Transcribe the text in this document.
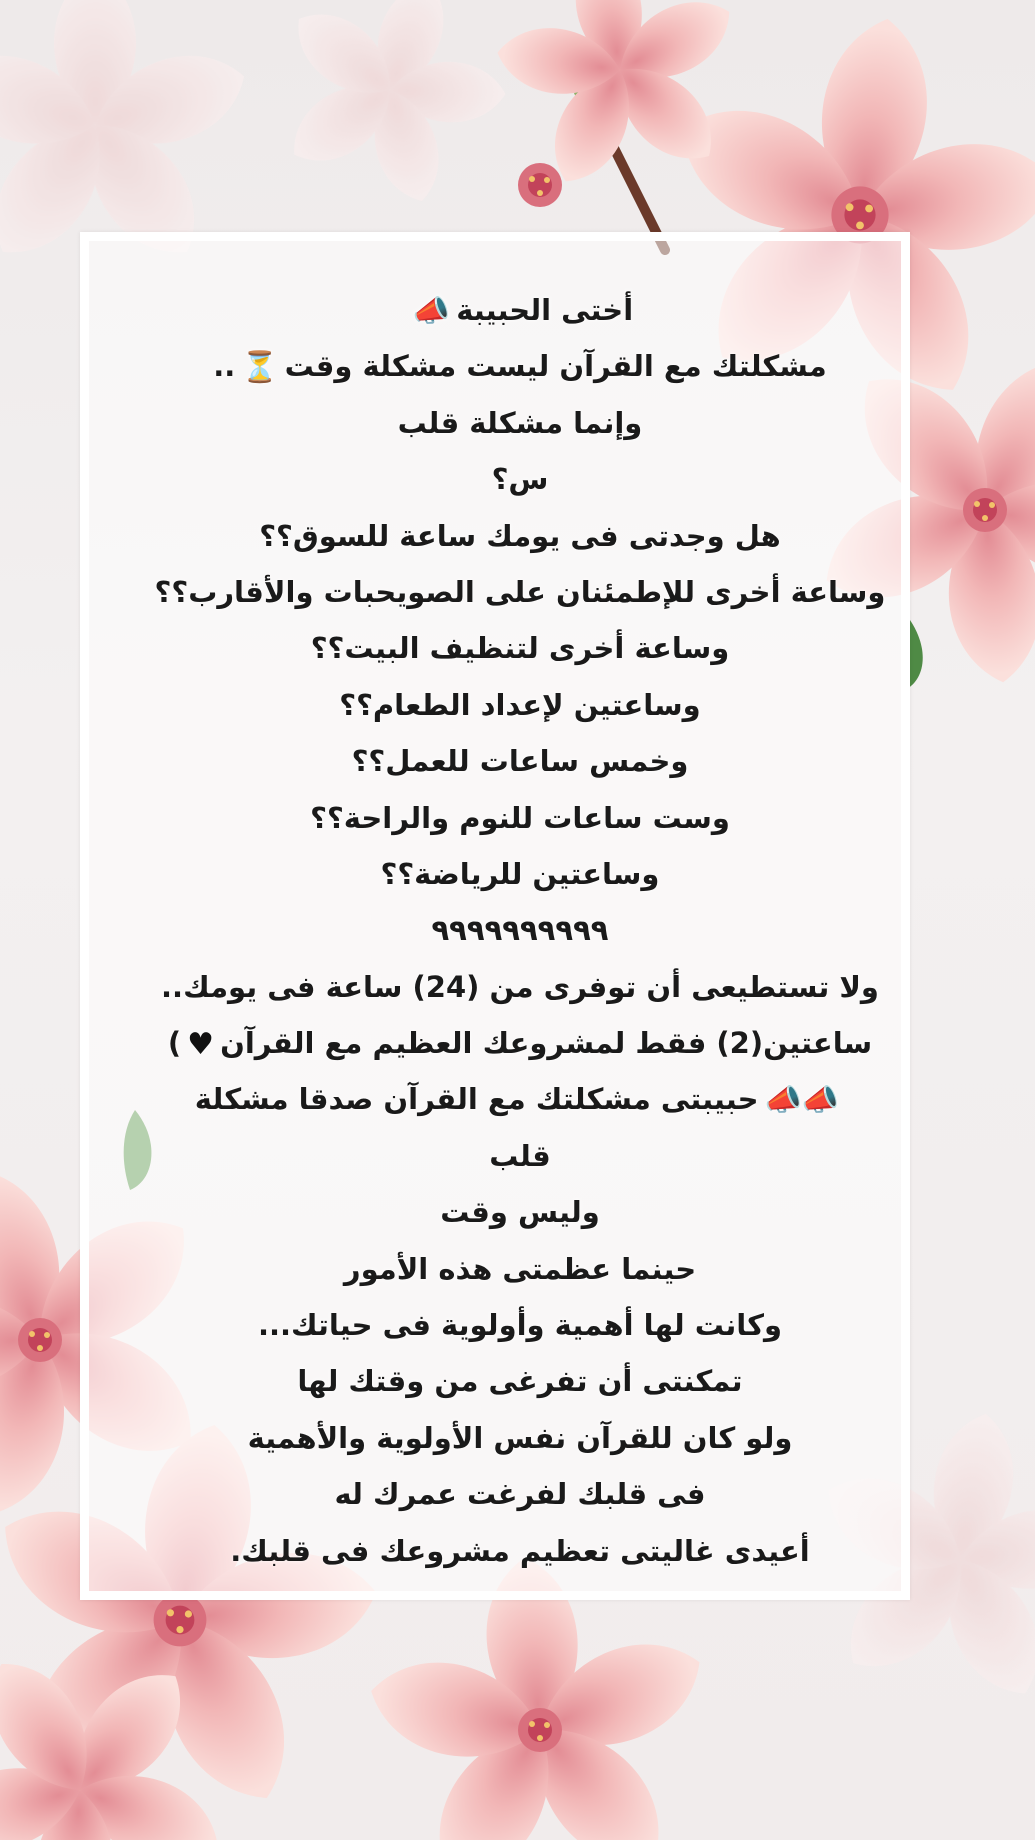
أختى الحبيبة📣
مشكلتك مع القرآن ليست مشكلة وقت⏳..
وإنما مشكلة قلب
س؟
هل وجدتى فى يومك ساعة للسوق؟؟
وساعة أخرى للإطمئنان على الصويحبات والأقارب؟؟
وساعة أخرى لتنظيف البيت؟؟
وساعتين لإعداد الطعام؟؟
وخمس ساعات للعمل؟؟
وست ساعات للنوم والراحة؟؟
وساعتين للرياضة؟؟
٩٩٩٩٩٩٩٩٩٩
ولا تستطيعى أن توفرى من (24) ساعة فى يومك..
ساعتين(2) فقط لمشروعك العظيم مع القرآن♥)
📣📣حبيبتى مشكلتك مع القرآن صدقا مشكلة
قلب
وليس وقت
حينما عظمتى هذه الأمور
وكانت لها أهمية وأولوية فى حياتك...
تمكنتى أن تفرغى من وقتك لها
ولو كان للقرآن نفس الأولوية والأهمية
فى قلبك لفرغت عمرك له
أعيدى غاليتى تعظيم مشروعك فى قلبك.
